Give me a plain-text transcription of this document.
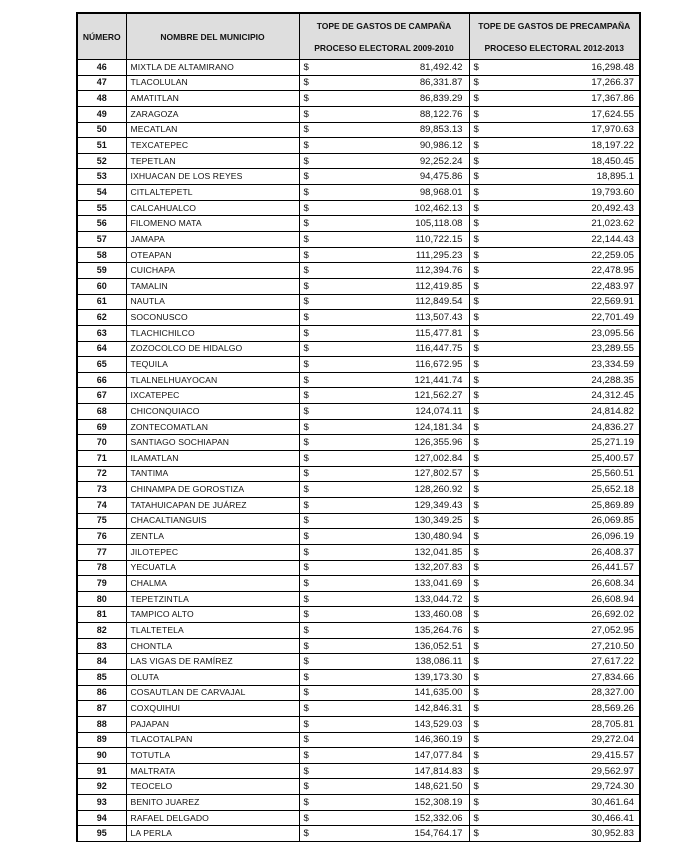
NÚMERO	NOMBRE DEL MUNICIPIO	TOPE DE GASTOS DE CAMPAÑA
PROCESO ELECTORAL 2009-2010		TOPE DE GASTOS DE PRECAMPAÑA
PROCESO ELECTORAL 2012-2013	

46	MIXTLA DE ALTAMIRANO	$	81,492.42	$	16,298.48
47	TLACOLULAN	$	86,331.87	$	17,266.37
48	AMATITLAN	$	86,839.29	$	17,367.86
49	ZARAGOZA	$	88,122.76	$	17,624.55
50	MECATLAN	$	89,853.13	$	17,970.63
51	TEXCATEPEC	$	90,986.12	$	18,197.22
52	TEPETLAN	$	92,252.24	$	18,450.45
53	IXHUACAN DE LOS REYES	$	94,475.86	$	18,895.1
54	CITLALTEPETL	$	98,968.01	$	19,793.60
55	CALCAHUALCO	$	102,462.13	$	20,492.43
56	FILOMENO MATA	$	105,118.08	$	21,023.62
57	JAMAPA	$	110,722.15	$	22,144.43
58	OTEAPAN	$	111,295.23	$	22,259.05
59	CUICHAPA	$	112,394.76	$	22,478.95
60	TAMALIN	$	112,419.85	$	22,483.97
61	NAUTLA	$	112,849.54	$	22,569.91
62	SOCONUSCO	$	113,507.43	$	22,701.49
63	TLACHICHILCO	$	115,477.81	$	23,095.56
64	ZOZOCOLCO DE HIDALGO	$	116,447.75	$	23,289.55
65	TEQUILA	$	116,672.95	$	23,334.59
66	TLALNELHUAYOCAN	$	121,441.74	$	24,288.35
67	IXCATEPEC	$	121,562.27	$	24,312.45
68	CHICONQUIACO	$	124,074.11	$	24,814.82
69	ZONTECOMATLAN	$	124,181.34	$	24,836.27
70	SANTIAGO SOCHIAPAN	$	126,355.96	$	25,271.19
71	ILAMATLAN	$	127,002.84	$	25,400.57
72	TANTIMA	$	127,802.57	$	25,560.51
73	CHINAMPA DE GOROSTIZA	$	128,260.92	$	25,652.18
74	TATAHUICAPAN DE JUÁREZ	$	129,349.43	$	25,869.89
75	CHACALTIANGUIS	$	130,349.25	$	26,069.85
76	ZENTLA	$	130,480.94	$	26,096.19
77	JILOTEPEC	$	132,041.85	$	26,408.37
78	YECUATLA	$	132,207.83	$	26,441.57
79	CHALMA	$	133,041.69	$	26,608.34
80	TEPETZINTLA	$	133,044.72	$	26,608.94
81	TAMPICO ALTO	$	133,460.08	$	26,692.02
82	TLALTETELA	$	135,264.76	$	27,052.95
83	CHONTLA	$	136,052.51	$	27,210.50
84	LAS VIGAS DE RAMÍREZ	$	138,086.11	$	27,617.22
85	OLUTA	$	139,173.30	$	27,834.66
86	COSAUTLAN DE CARVAJAL	$	141,635.00	$	28,327.00
87	COXQUIHUI	$	142,846.31	$	28,569.26
88	PAJAPAN	$	143,529.03	$	28,705.81
89	TLACOTALPAN	$	146,360.19	$	29,272.04
90	TOTUTLA	$	147,077.84	$	29,415.57
91	MALTRATA	$	147,814.83	$	29,562.97
92	TEOCELO	$	148,621.50	$	29,724.30
93	BENITO JUAREZ	$	152,308.19	$	30,461.64
94	RAFAEL DELGADO	$	152,332.06	$	30,466.41
95	LA PERLA	$	154,764.17	$	30,952.83
